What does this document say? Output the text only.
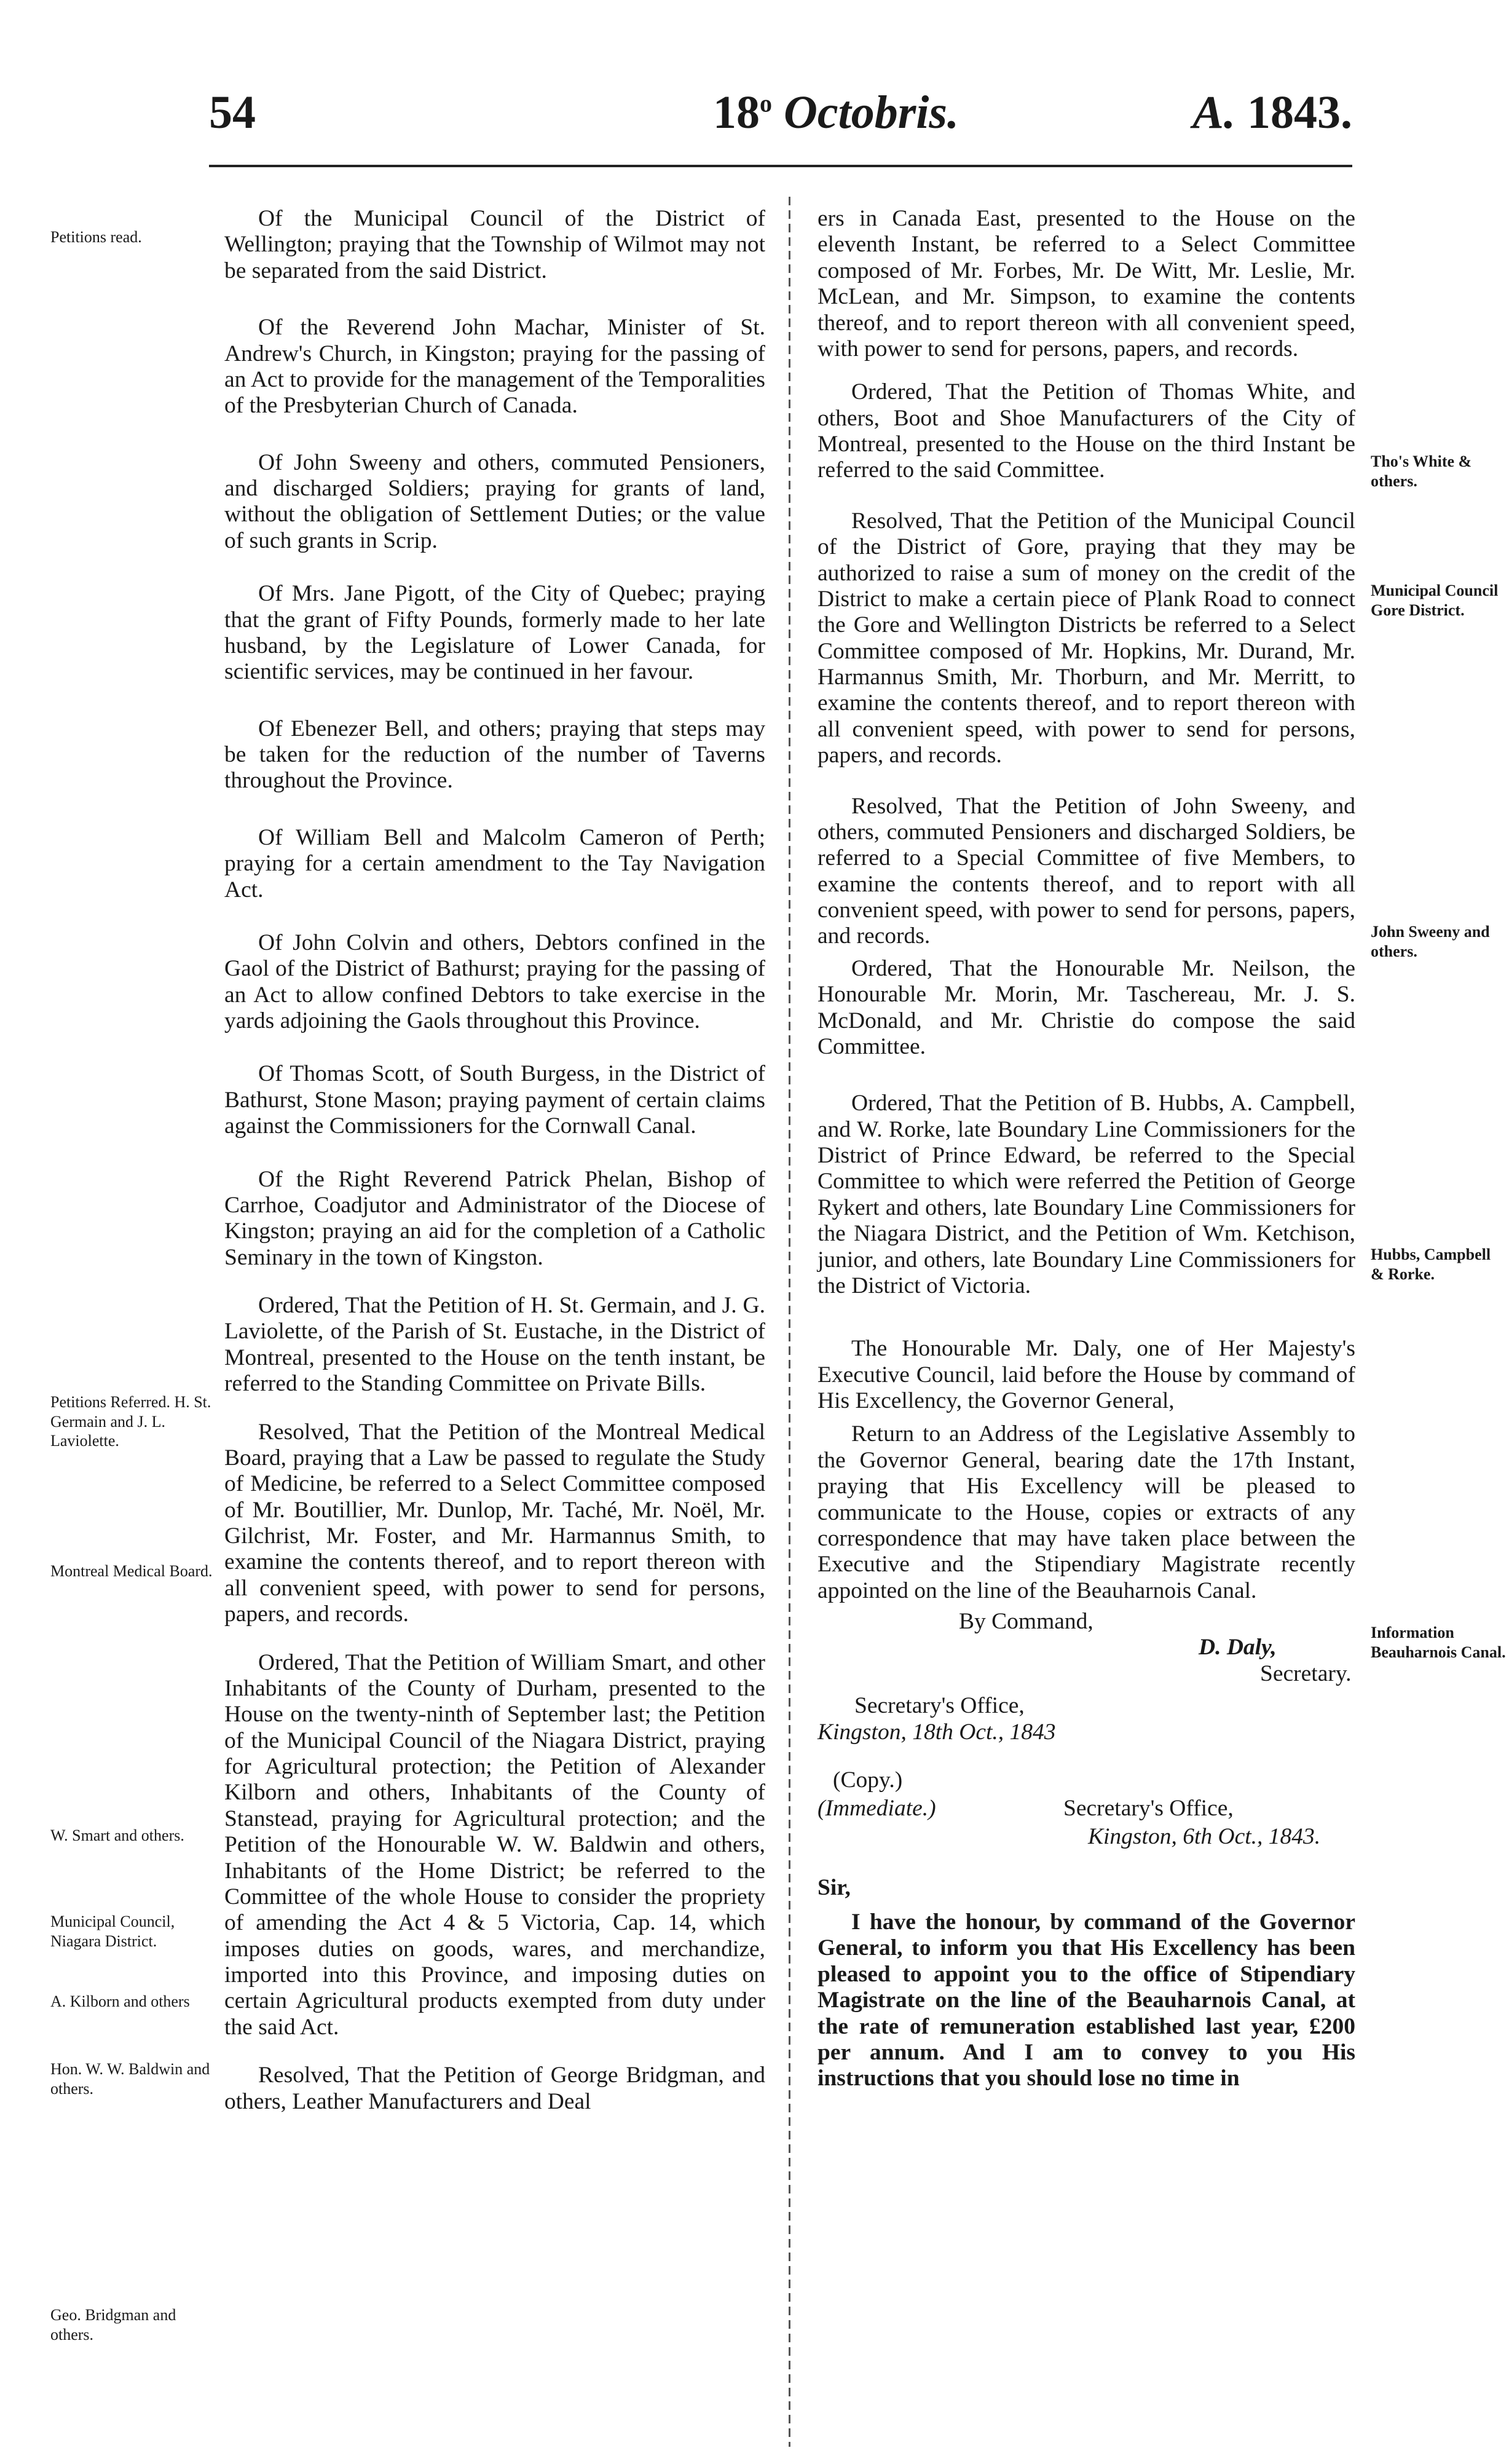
54	18$^o$ Octobris.	A. 1843.
Petitions read.
Petitions Referred. H. St. Germain and J. L. Laviolette.
Montreal Medical Board.
W. Smart and others.
Municipal Council, Niagara District.
A. Kilborn and others
Hon. W. W. Baldwin and others.
Geo. Bridgman and others.
Tho's White & others.
Municipal Council Gore District.
John Sweeny and others.
Hubbs, Campbell & Rorke.
Information Beauharnois Canal.

Of the Municipal Council of the District of Wellington; praying that the Township of Wilmot may not be separated from the said District.

Of the Reverend John Machar, Minister of St. Andrew's Church, in Kingston; praying for the passing of an Act to provide for the management of the Temporalities of the Presbyterian Church of Canada.

Of John Sweeny and others, commuted Pensioners, and discharged Soldiers; praying for grants of land, without the obligation of Settlement Duties; or the value of such grants in Scrip.

Of Mrs. Jane Pigott, of the City of Quebec; praying that the grant of Fifty Pounds, formerly made to her late husband, by the Legislature of Lower Canada, for scientific services, may be continued in her favour.

Of Ebenezer Bell, and others; praying that steps may be taken for the reduction of the number of Taverns throughout the Province.

Of William Bell and Malcolm Cameron of Perth; praying for a certain amendment to the Tay Navigation Act.

Of John Colvin and others, Debtors confined in the Gaol of the District of Bathurst; praying for the passing of an Act to allow confined Debtors to take exercise in the yards adjoining the Gaols throughout this Province.

Of Thomas Scott, of South Burgess, in the District of Bathurst, Stone Mason; praying payment of certain claims against the Commissioners for the Cornwall Canal.

Of the Right Reverend Patrick Phelan, Bishop of Carrhoe, Coadjutor and Administrator of the Diocese of Kingston; praying an aid for the completion of a Catholic Seminary in the town of Kingston.

Ordered, That the Petition of H. St. Germain, and J. G. Laviolette, of the Parish of St. Eustache, in the District of Montreal, presented to the House on the tenth instant, be referred to the Standing Committee on Private Bills.

Resolved, That the Petition of the Montreal Medical Board, praying that a Law be passed to regulate the Study of Medicine, be referred to a Select Committee composed of Mr. Boutillier, Mr. Dunlop, Mr. Taché, Mr. Noël, Mr. Gilchrist, Mr. Foster, and Mr. Harmannus Smith, to examine the contents thereof, and to report thereon with all convenient speed, with power to send for persons, papers, and records.

Ordered, That the Petition of William Smart, and other Inhabitants of the County of Durham, presented to the House on the twenty-ninth of September last; the Petition of the Municipal Council of the Niagara District, praying for Agricultural protection; the Petition of Alexander Kilborn and others, Inhabitants of the County of Stanstead, praying for Agricultural protection; and the Petition of the Honourable W. W. Baldwin and others, Inhabitants of the Home District; be referred to the Committee of the whole House to consider the propriety of amending the Act 4 & 5 Victoria, Cap. 14, which imposes duties on goods, wares, and merchandize, imported into this Province, and imposing duties on certain Agricultural products exempted from duty under the said Act.

Resolved, That the Petition of George Bridgman, and others, Leather Manufacturers and Deal

ers in Canada East, presented to the House on the eleventh Instant, be referred to a Select Committee composed of Mr. Forbes, Mr. De Witt, Mr. Leslie, Mr. McLean, and Mr. Simpson, to examine the contents thereof, and to report thereon with all convenient speed, with power to send for persons, papers, and records.

Ordered, That the Petition of Thomas White, and others, Boot and Shoe Manufacturers of the City of Montreal, presented to the House on the third Instant be referred to the said Committee.

Resolved, That the Petition of the Municipal Council of the District of Gore, praying that they may be authorized to raise a sum of money on the credit of the District to make a certain piece of Plank Road to connect the Gore and Wellington Districts be referred to a Select Committee composed of Mr. Hopkins, Mr. Durand, Mr. Harmannus Smith, Mr. Thorburn, and Mr. Merritt, to examine the contents thereof, and to report thereon with all convenient speed, with power to send for persons, papers, and records.

Resolved, That the Petition of John Sweeny, and others, commuted Pensioners and discharged Soldiers, be referred to a Special Committee of five Members, to examine the contents thereof, and to report with all convenient speed, with power to send for persons, papers, and records.

Ordered, That the Honourable Mr. Neilson, the Honourable Mr. Morin, Mr. Taschereau, Mr. J. S. McDonald, and Mr. Christie do compose the said Committee.

Ordered, That the Petition of B. Hubbs, A. Campbell, and W. Rorke, late Boundary Line Commissioners for the District of Prince Edward, be referred to the Special Committee to which were referred the Petition of George Rykert and others, late Boundary Line Commissioners for the Niagara District, and the Petition of Wm. Ketchison, junior, and others, late Boundary Line Commissioners for the District of Victoria.

The Honourable Mr. Daly, one of Her Majesty's Executive Council, laid before the House by command of His Excellency, the Governor General,

Return to an Address of the Legislative Assembly to the Governor General, bearing date the 17th Instant, praying that His Excellency will be pleased to communicate to the House, copies or extracts of any correspondence that may have taken place between the Executive and the Stipendiary Magistrate recently appointed on the line of the Beauharnois Canal.

By Command,
D. Daly,
Secretary.
Secretary's Office,
Kingston, 18th Oct., 1843
(Copy.)
(Immediate.)	Secretary's Office,
Kingston, 6th Oct., 1843.
Sir,

I have the honour, by command of the Governor General, to inform you that His Excellency has been pleased to appoint you to the office of Stipendiary Magistrate on the line of the Beauharnois Canal, at the rate of remuneration established last year, £200 per annum. And I am to convey to you His instructions that you should lose no time in
